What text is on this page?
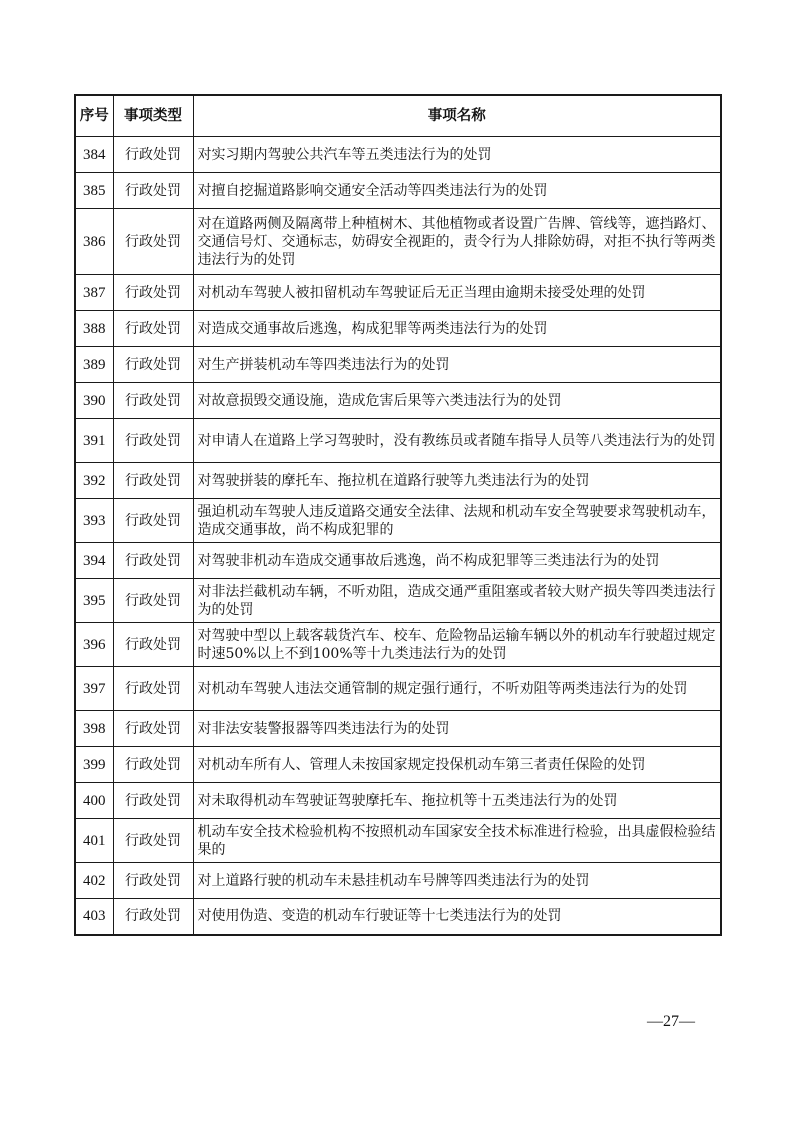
序号	事项类型	事项名称
384	行政处罚	对实习期内驾驶公共汽车等五类违法行为的处罚
385	行政处罚	对擅自挖掘道路影响交通安全活动等四类违法行为的处罚
386	行政处罚	对在道路两侧及隔离带上种植树木、其他植物或者设置广告牌、管线等，遮挡路灯、交通信号灯、交通标志，妨碍安全视距的，责令行为人排除妨碍，对拒不执行等两类违法行为的处罚
387	行政处罚	对机动车驾驶人被扣留机动车驾驶证后无正当理由逾期未接受处理的处罚
388	行政处罚	对造成交通事故后逃逸，构成犯罪等两类违法行为的处罚
389	行政处罚	对生产拼装机动车等四类违法行为的处罚
390	行政处罚	对故意损毁交通设施，造成危害后果等六类违法行为的处罚
391	行政处罚	对申请人在道路上学习驾驶时，没有教练员或者随车指导人员等八类违法行为的处罚
392	行政处罚	对驾驶拼装的摩托车、拖拉机在道路行驶等九类违法行为的处罚
393	行政处罚	强迫机动车驾驶人违反道路交通安全法律、法规和机动车安全驾驶要求驾驶机动车，造成交通事故，尚不构成犯罪的
394	行政处罚	对驾驶非机动车造成交通事故后逃逸，尚不构成犯罪等三类违法行为的处罚
395	行政处罚	对非法拦截机动车辆，不听劝阻，造成交通严重阻塞或者较大财产损失等四类违法行为的处罚
396	行政处罚	对驾驶中型以上载客载货汽车、校车、危险物品运输车辆以外的机动车行驶超过规定时速50%以上不到100%等十九类违法行为的处罚
397	行政处罚	对机动车驾驶人违法交通管制的规定强行通行，不听劝阻等两类违法行为的处罚
398	行政处罚	对非法安装警报器等四类违法行为的处罚
399	行政处罚	对机动车所有人、管理人未按国家规定投保机动车第三者责任保险的处罚
400	行政处罚	对未取得机动车驾驶证驾驶摩托车、拖拉机等十五类违法行为的处罚
401	行政处罚	机动车安全技术检验机构不按照机动车国家安全技术标准进行检验，出具虚假检验结果的
402	行政处罚	对上道路行驶的机动车未悬挂机动车号牌等四类违法行为的处罚
403	行政处罚	对使用伪造、变造的机动车行驶证等十七类违法行为的处罚
—27—
